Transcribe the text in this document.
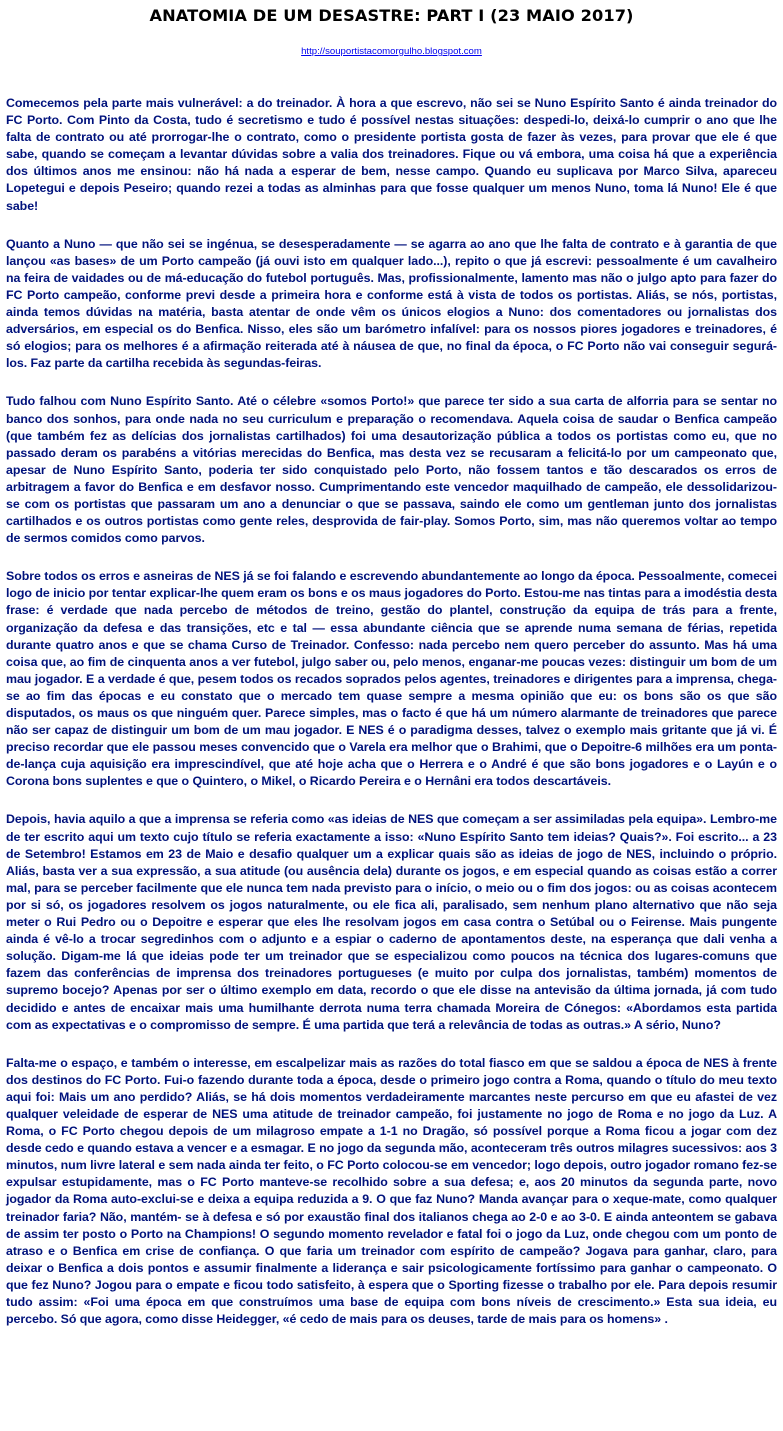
ANATOMIA DE UM DESASTRE: PART I (23 MAIO 2017)
http://souportistacomorgulho.blogspot.com

Comecemos pela parte mais vulnerável: a do treinador. À hora a que escrevo, não sei se Nuno Espírito Santo é ainda treinador do FC Porto. Com Pinto da Costa, tudo é secretismo e tudo é possível nestas situações: despedi-lo, deixá-lo cumprir o ano que lhe falta de contrato ou até prorrogar-lhe o contrato, como o presidente portista gosta de fazer às vezes, para provar que ele é que sabe, quando se começam a levantar dúvidas sobre a valia dos treinadores. Fique ou vá embora, uma coisa há que a experiência dos últimos anos me ensinou: não há nada a esperar de bem, nesse campo. Quando eu suplicava por Marco Silva, apareceu Lopetegui e depois Peseiro; quando rezei a todas as alminhas para que fosse qualquer um menos Nuno, toma lá Nuno! Ele é que sabe!

Quanto a Nuno — que não sei se ingénua, se desesperadamente — se agarra ao ano que lhe falta de contrato e à garantia de que lançou «as bases» de um Porto campeão (já ouvi isto em qualquer lado...), repito o que já escrevi: pessoalmente é um cavalheiro na feira de vaidades ou de má-educação do futebol português. Mas, profissionalmente, lamento mas não o julgo apto para fazer do FC Porto campeão, conforme previ desde a primeira hora e conforme está à vista de todos os portistas. Aliás, se nós, portistas, ainda temos dúvidas na matéria, basta atentar de onde vêm os únicos elogios a Nuno: dos comentadores ou jornalistas dos adversários, em especial os do Benfica. Nisso, eles são um barómetro infalível: para os nossos piores jogadores e treinadores, é só elogios; para os melhores é a afirmação reiterada até à náusea de que, no final da época, o FC Porto não vai conseguir segurá-los. Faz parte da cartilha recebida às segundas-feiras.

Tudo falhou com Nuno Espírito Santo. Até o célebre «somos Porto!» que parece ter sido a sua carta de alforria para se sentar no banco dos sonhos, para onde nada no seu curriculum e preparação o recomendava. Aquela coisa de saudar o Benfica campeão (que também fez as delícias dos jornalistas cartilhados) foi uma desautorização pública a todos os portistas como eu, que no passado deram os parabéns a vitórias merecidas do Benfica, mas desta vez se recusaram a felicitá-lo por um campeonato que, apesar de Nuno Espírito Santo, poderia ter sido conquistado pelo Porto, não fossem tantos e tão descarados os erros de arbitragem a favor do Benfica e em desfavor nosso. Cumprimentando este vencedor maquilhado de campeão, ele dessolidarizou-se com os portistas que passaram um ano a denunciar o que se passava, saindo ele como um gentleman junto dos jornalistas cartilhados e os outros portistas como gente reles, desprovida de fair-play. Somos Porto, sim, mas não queremos voltar ao tempo de sermos comidos como parvos.

Sobre todos os erros e asneiras de NES já se foi falando e escrevendo abundantemente ao longo da época. Pessoalmente, comecei logo de inicio por tentar explicar-lhe quem eram os bons e os maus jogadores do Porto. Estou-me nas tintas para a imodéstia desta frase: é verdade que nada percebo de métodos de treino, gestão do plantel, construção da equipa de trás para a frente, organização da defesa e das transições, etc e tal — essa abundante ciência que se aprende numa semana de férias, repetida durante quatro anos e que se chama Curso de Treinador. Confesso: nada percebo nem quero perceber do assunto. Mas há uma coisa que, ao fim de cinquenta anos a ver futebol, julgo saber ou, pelo menos, enganar-me poucas vezes: distinguir um bom de um mau jogador. E a verdade é que, pesem todos os recados soprados pelos agentes, treinadores e dirigentes para a imprensa, chega-se ao fim das épocas e eu constato que o mercado tem quase sempre a mesma opinião que eu: os bons são os que são disputados, os maus os que ninguém quer. Parece simples, mas o facto é que há um número alarmante de treinadores que parece não ser capaz de distinguir um bom de um mau jogador. E NES é o paradigma desses, talvez o exemplo mais gritante que já vi. É preciso recordar que ele passou meses convencido que o Varela era melhor que o Brahimi, que o Depoitre-6 milhões era um ponta-de-lança cuja aquisição era imprescindível, que até hoje acha que o Herrera e o André é que são bons jogadores e o Layún e o Corona bons suplentes e que o Quintero, o Mikel, o Ricardo Pereira e o Hernâni era todos descartáveis.

Depois, havia aquilo a que a imprensa se referia como «as ideias de NES que começam a ser assimiladas pela equipa». Lembro-me de ter escrito aqui um texto cujo título se referia exactamente a isso: «Nuno Espírito Santo tem ideias? Quais?». Foi escrito... a 23 de Setembro! Estamos em 23 de Maio e desafio qualquer um a explicar quais são as ideias de jogo de NES, incluindo o próprio. Aliás, basta ver a sua expressão, a sua atitude (ou ausência dela) durante os jogos, e em especial quando as coisas estão a correr mal, para se perceber facilmente que ele nunca tem nada previsto para o início, o meio ou o fim dos jogos: ou as coisas acontecem por si só, os jogadores resolvem os jogos naturalmente, ou ele fica ali, paralisado, sem nenhum plano alternativo que não seja meter o Rui Pedro ou o Depoitre e esperar que eles lhe resolvam jogos em casa contra o Setúbal ou o Feirense. Mais pungente ainda é vê-lo a trocar segredinhos com o adjunto e a espiar o caderno de apontamentos deste, na esperança que dali venha a solução. Digam-me lá que ideias pode ter um treinador que se especializou como poucos na técnica dos lugares-comuns que fazem das conferências de imprensa dos treinadores portugueses (e muito por culpa dos jornalistas, também) momentos de supremo bocejo? Apenas por ser o último exemplo em data, recordo o que ele disse na antevisão da última jornada, já com tudo decidido e antes de encaixar mais uma humilhante derrota numa terra chamada Moreira de Cónegos: «Abordamos esta partida com as expectativas e o compromisso de sempre. É uma partida que terá a relevância de todas as outras.» A sério, Nuno?

Falta-me o espaço, e também o interesse, em escalpelizar mais as razões do total fiasco em que se saldou a época de NES à frente dos destinos do FC Porto. Fui-o fazendo durante toda a época, desde o primeiro jogo contra a Roma, quando o título do meu texto aqui foi: Mais um ano perdido? Aliás, se há dois momentos verdadeiramente marcantes neste percurso em que eu afastei de vez qualquer veleidade de esperar de NES uma atitude de treinador campeão, foi justamente no jogo de Roma e no jogo da Luz. A Roma, o FC Porto chegou depois de um milagroso empate a 1-1 no Dragão, só possível porque a Roma ficou a jogar com dez desde cedo e quando estava a vencer e a esmagar. E no jogo da segunda mão, aconteceram três outros milagres sucessivos: aos 3 minutos, num livre lateral e sem nada ainda ter feito, o FC Porto colocou-se em vencedor; logo depois, outro jogador romano fez-se expulsar estupidamente, mas o FC Porto manteve-se recolhido sobre a sua defesa; e, aos 20 minutos da segunda parte, novo jogador da Roma auto-exclui-se e deixa a equipa reduzida a 9. O que faz Nuno? Manda avançar para o xeque-mate, como qualquer treinador faria? Não, mantém- se à defesa e só por exaustão final dos italianos chega ao 2-0 e ao 3-0. E ainda anteontem se gabava de assim ter posto o Porto na Champions! O segundo momento revelador e fatal foi o jogo da Luz, onde chegou com um ponto de atraso e o Benfica em crise de confiança. O que faria um treinador com espírito de campeão? Jogava para ganhar, claro, para deixar o Benfica a dois pontos e assumir finalmente a liderança e sair psicologicamente fortíssimo para ganhar o campeonato. O que fez Nuno? Jogou para o empate e ficou todo satisfeito, à espera que o Sporting fizesse o trabalho por ele. Para depois resumir tudo assim: «Foi uma época em que construímos uma base de equipa com bons níveis de crescimento.» Esta sua ideia, eu percebo. Só que agora, como disse Heidegger, «é cedo de mais para os deuses, tarde de mais para os homens» .
